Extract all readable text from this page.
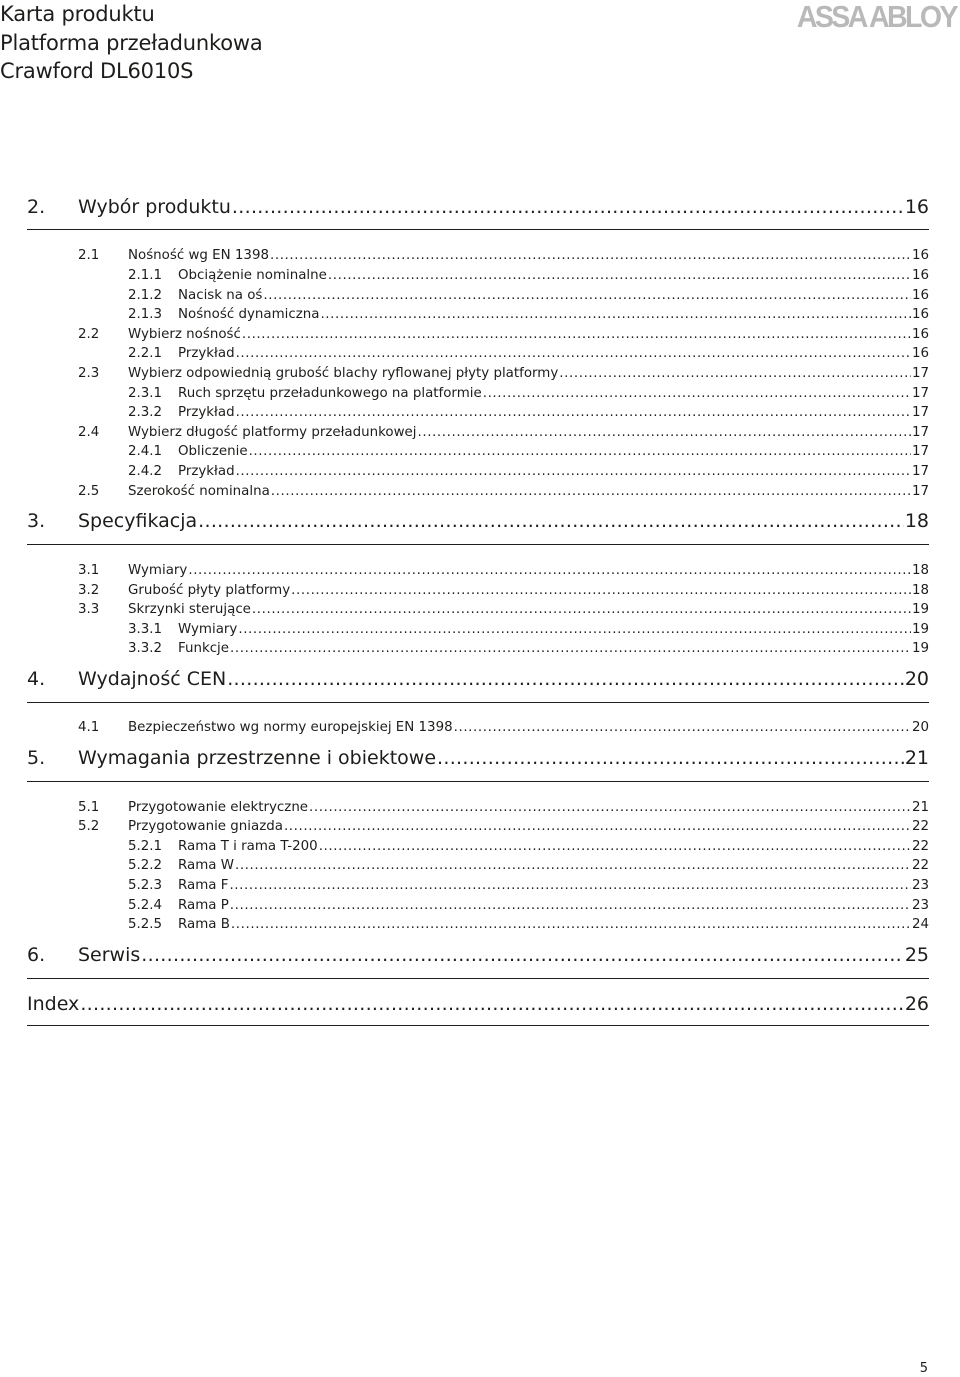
Karta produktu
Platforma przeładunkowa
Crawford DL6010S
ASSA ABLOY
2.	Wybór produktu .....	16
2.1	Nośność wg EN 1398 .....	16
2.1.1	Obciążenie nominalne .....	16
2.1.2	Nacisk na oś .....	16
2.1.3	Nośność dynamiczna .....	16
2.2	Wybierz nośność .....	16
2.2.1	Przykład .....	16
2.3	Wybierz odpowiednią grubość blachy ryflowanej płyty platformy .....	17
2.3.1	Ruch sprzętu przeładunkowego na platformie .....	17
2.3.2	Przykład .....	17
2.4	Wybierz długość platformy przeładunkowej .....	17
2.4.1	Obliczenie .....	17
2.4.2	Przykład .....	17
2.5	Szerokość nominalna .....	17
3.	Specyfikacja .....	18
3.1	Wymiary .....	18
3.2	Grubość płyty platformy .....	18
3.3	Skrzynki sterujące .....	19
3.3.1	Wymiary .....	19
3.3.2	Funkcje .....	19
4.	Wydajność CEN .....	20
4.1	Bezpieczeństwo wg normy europejskiej EN 1398 .....	20
5.	Wymagania przestrzenne i obiektowe .....	21
5.1	Przygotowanie elektryczne .....	21
5.2	Przygotowanie gniazda .....	22
5.2.1	Rama T i rama T-200 .....	22
5.2.2	Rama W .....	22
5.2.3	Rama F .....	23
5.2.4	Rama P .....	23
5.2.5	Rama B .....	24
6.	Serwis .....	25
Index .....	26
5
